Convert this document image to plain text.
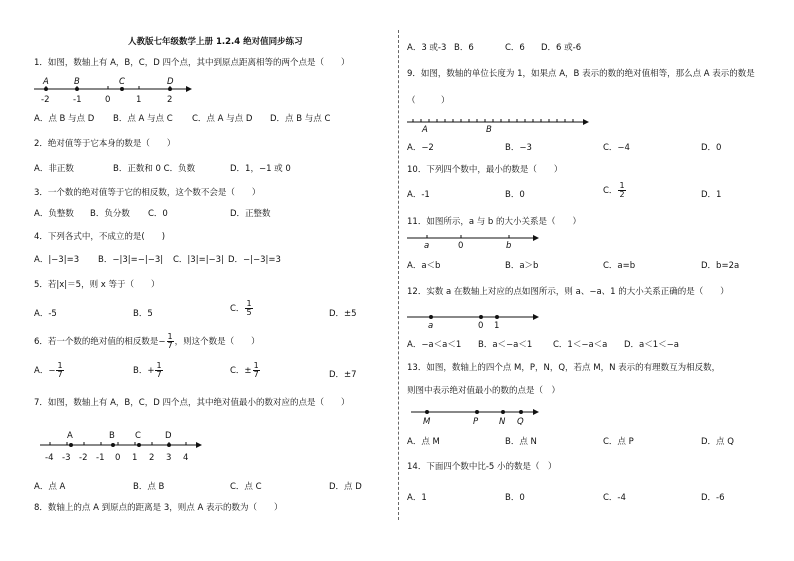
人教版七年级数学上册 1.2.4 绝对值同步练习
1．如图，数轴上有 A，B，C，D 四个点，其中到原点距离相等的两个点是（　　）
A	B	C	D
-2	-1	0	1	2
A．点 B 与点 D B．点 A 与点 C C．点 A 与点 D D．点 B 与点 C
2．绝对值等于它本身的数是（　　）
A．非正数	B．正数和 0 C．负数	D．1，−1 或 0
3．一个数的绝对值等于它的相反数，这个数不会是（　　）
A．负整数 B．负分数 C．0	D．正整数
4．下列各式中，不成立的是(　　)
A．|−3|=3 B．−|3|=−|−3| C．|3|=|−3| D．−|−3|=3
5．若|x|＝5，则 x 等于（　　）
A．-5	B．5	C． $\frac{1}{5}$	D．±5
6．若一个数的绝对值的相反数是− $\frac{1}{7}$ ，则这个数是（　　）
A．− $\frac{1}{7}$	B．+ $\frac{1}{7}$	C．± $\frac{1}{7}$	D．±7
7．如图，数轴上有 A，B，C，D 四个点，其中绝对值最小的数对应的点是（　　）
A	B C	D
-4 -3 -2 -1 0 1 2 3 4
A．点 A	B．点 B	C．点 C	D．点 D
8．数轴上的点 A 到原点的距离是 3，则点 A 表示的数为（　　）
A．3 或-3 B．6	C．6 D．6 或-6
9．如图，数轴的单位长度为 1，如果点 A，B 表示的数的绝对值相等，那么点 A 表示的数是
（　　　）
A	B
A．−2	B．−3	C．−4	D．0
10．下列四个数中，最小的数是（　　）
A．-1	B．0	C． $\frac{1}{2}$	D．1
11．如图所示，a 与 b 的大小关系是（　　）
a	0	b
A．a＜b	B．a＞b	C．a=b	D．b=2a
12．实数 a 在数轴上对应的点如图所示，则 a、−a、1 的大小关系正确的是（　　）
a	0 1
A．−a＜a＜1 B．a＜−a＜1 C．1＜−a＜a D．a＜1＜−a
13．如图，数轴上的四个点 M，P，N，Q，若点 M，N 表示的有理数互为相反数，
则图中表示绝对值最小的数的点是（　）
M	P N Q
A．点 M	B．点 N	C．点 P	D．点 Q
14．下面四个数中比-5 小的数是（　）
A．1	B．0	C．-4	D．-6
